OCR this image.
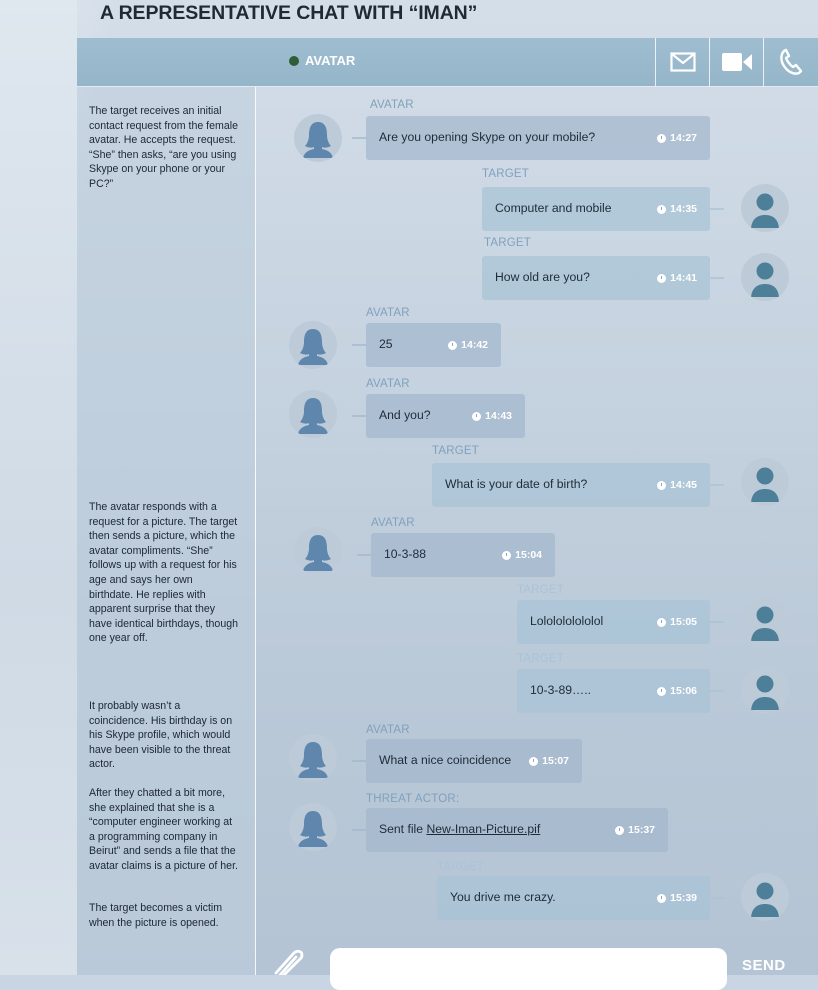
A REPRESENTATIVE CHAT WITH “IMAN”

The target receives an initial contact request from the female avatar. He accepts the request. “She” then asks, “are you using Skype on your phone or your PC?”

The avatar responds with a request for a picture. The target then sends a picture, which the avatar compliments. “She” follows up with a request for his age and says her own birthdate. He replies with apparent surprise that they have identical birthdays, though one year off.

It probably wasn’t a coincidence. His birthday is on his Skype profile, which would have been visible to the threat actor.

After they chatted a bit more, she explained that she is a “computer engineer working at a programming company in Beirut” and sends a file that the avatar claims is a picture of her.

The target becomes a victim when the picture is opened.

AVATAR
AVATAR
Are you opening Skype on your mobile?	14:27
TARGET
Computer and mobile	14:35
TARGET
How old are you?	14:41
AVATAR
25	14:42
AVATAR
And you?	14:43
TARGET
What is your date of birth?	14:45
AVATAR
10-3-88	15:04
TARGET
Lololololololol	15:05
TARGET
10-3-89…..	15:06
AVATAR
What a nice coincidence	15:07
THREAT ACTOR:
Sent file New-Iman-Picture.pif	15:37
TARGET
You drive me crazy.	15:39
SEND
